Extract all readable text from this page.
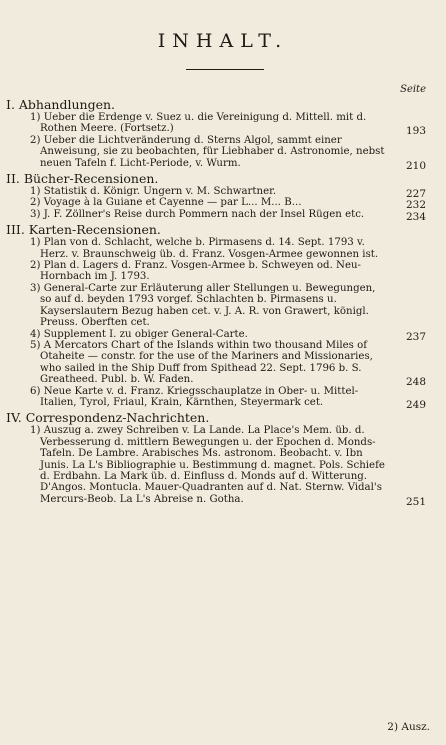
INHALT.
Seite
I. Abhandlungen.
1) Ueber die Erdenge v. Suez u. die Vereinigung d. Mittell. mit d. Rothen Meere. (Fortsetz.)	193
2) Ueber die Lichtveränderung d. Sterns Algol, sammt einer Anweisung, sie zu beobachten, für Liebhaber d. Astronomie, nebst neuen Tafeln f. Licht-Periode, v. Wurm.	210
II. Bücher-Recensionen.
1) Statistik d. Königr. Ungern v. M. Schwartner.	227
2) Voyage à la Guiane et Cayenne — par L... M... B...	232
3) J. F. Zöllner's Reise durch Pommern nach der Insel Rügen etc.	234
III. Karten-Recensionen.
1) Plan von d. Schlacht, welche b. Pirmasens d. 14. Sept. 1793 v. Herz. v. Braunschweig üb. d. Franz. Vosgen-Armee gewonnen ist.
2) Plan d. Lagers d. Franz. Vosgen-Armee b. Schweyen od. Neu-Hornbach im J. 1793.
3) General-Carte zur Erläuterung aller Stellungen u. Bewegungen, so auf d. beyden 1793 vorgef. Schlachten b. Pirmasens u. Kayserslautern Bezug haben cet. v. J. A. R. von Grawert, königl. Preuss. Oberften cet.
4) Supplement I. zu obiger General-Carte.	237
5) A Mercators Chart of the Islands within two thousand Miles of Otaheite — constr. for the use of the Mariners and Missionaries, who sailed in the Ship Duff from Spithead 22. Sept. 1796 b. S. Greatheed. Publ. b. W. Faden.	248
6) Neue Karte v. d. Franz. Kriegsschauplatze in Ober- u. Mittel-Italien, Tyrol, Friaul, Krain, Kärnthen, Steyermark cet.	249
IV. Correspondenz-Nachrichten.
1) Auszug a. zwey Schreiben v. La Lande. La Place's Mem. üb. d. Verbesserung d. mittlern Bewegungen u. der Epochen d. Monds-Tafeln. De Lambre. Arabisches Ms. astronom. Beobacht. v. Ibn Junis. La L's Bibliographie u. Bestimmung d. magnet. Pols. Schiefe d. Erdbahn. La Mark üb. d. Einfluss d. Monds auf d. Witterung. D'Angos. Montucla. Mauer-Quadranten auf d. Nat. Sternw. Vidal's Mercurs-Beob. La L's Abreise n. Gotha.	251
2) Ausz.
